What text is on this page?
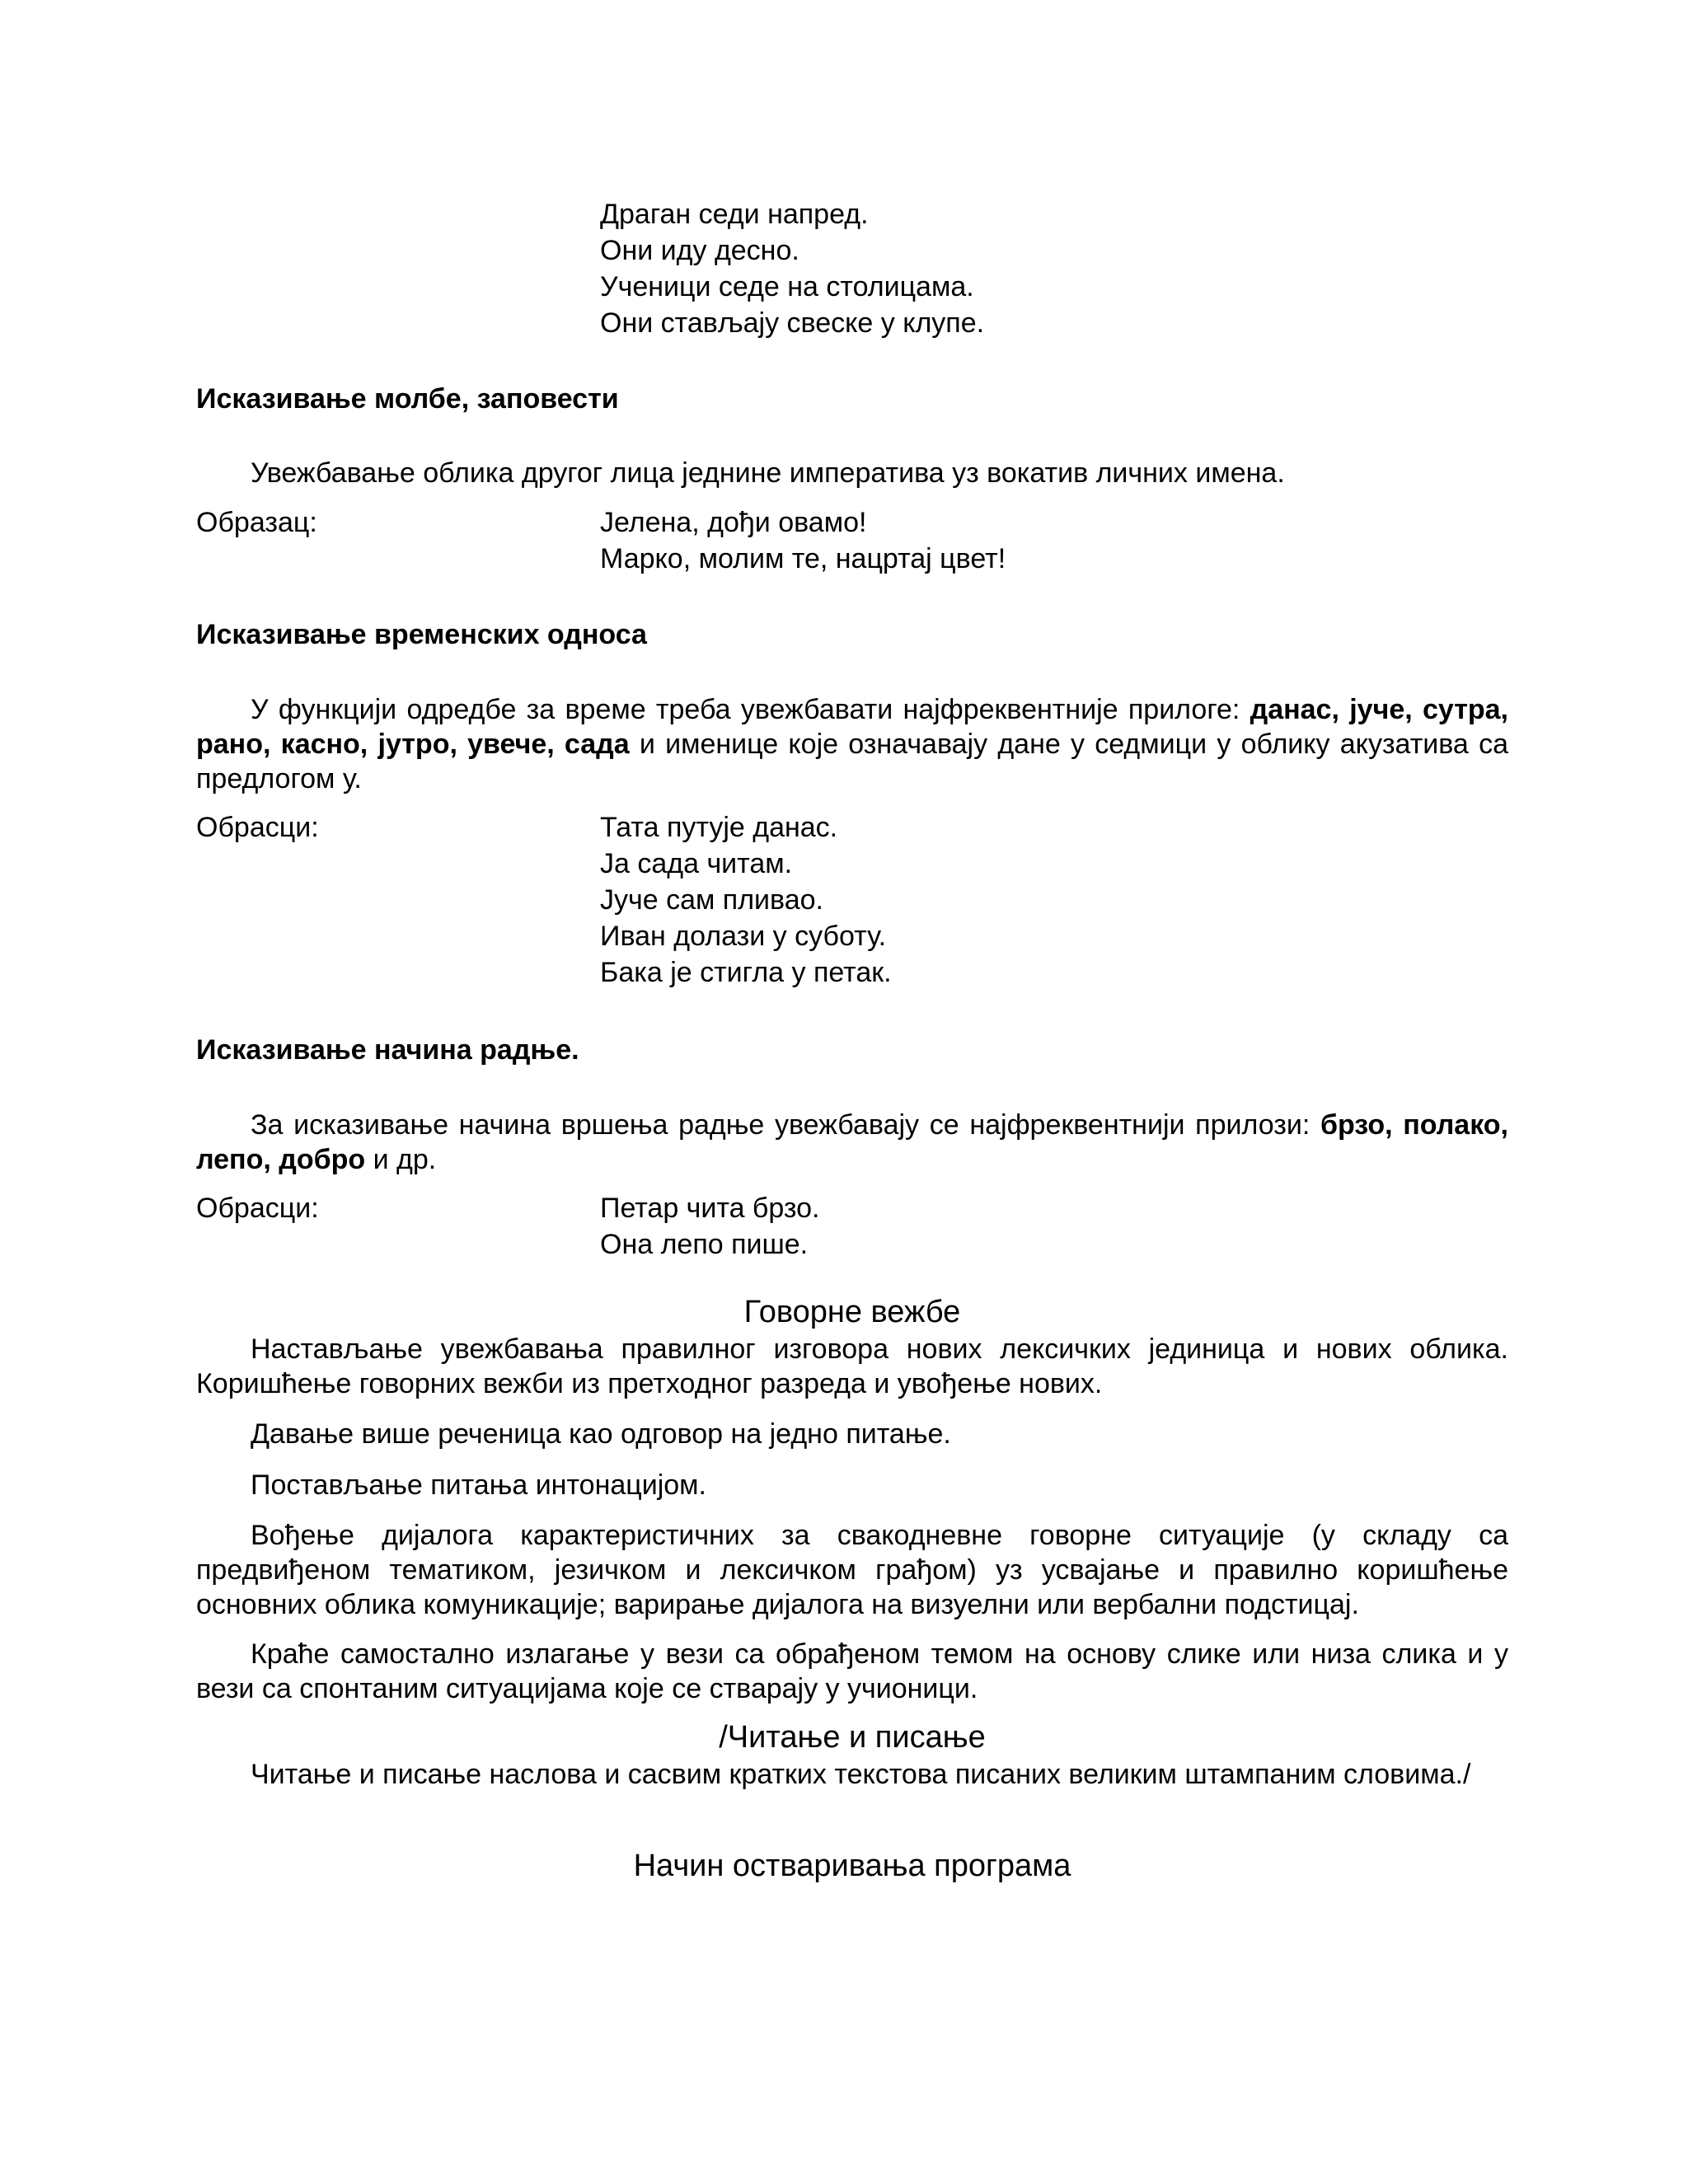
Драган седи напред.
Они иду десно.
Ученици седе на столицама.
Они стављају свеске у клупе.

Исказивање молбе, заповести

Увежбавање облика другог лица једнине императива уз вокатив личних имена.

Образац:	Јелена, дођи овамо!
Марко, молим те, нацртај цвет!

Исказивање временских односа

У функцији одредбе за време треба увежбавати најфреквентније прилоге: данас, јуче, сутра, рано, касно, јутро, увече, сада и именице које означавају дане у седмици у облику акузатива са предлогом у.

Обрасци:	Тата путује данас.
Ја сада читам.
Јуче сам пливао.
Иван долази у суботу.
Бака је стигла у петак.

Исказивање начина радње.

За исказивање начина вршења радње увежбавају се најфреквентнији прилози: брзо, полако, лепо, добро и др.

Обрасци:	Петар чита брзо.
Она лепо пише.

Говорне вежбе

Настављање увежбавања правилног изговора нових лексичких јединица и нових облика. Коришћење говорних вежби из претходног разреда и увођење нових.

Давање више реченица као одговор на једно питање.

Постављање питања интонацијом.

Вођење дијалога карактеристичних за свакодневне говорне ситуације (у складу са предвиђеном тематиком, језичком и лексичком грађом) уз усвајање и правилно коришћење основних облика комуникације; варирање дијалога на визуелни или вербални подстицај.

Краће самостално излагање у вези са обрађеном темом на основу слике или низа слика и у вези са спонтаним ситуацијама које се стварају у учионици.

/Читање и писање

Читање и писање наслова и сасвим кратких текстова писаних великим штампаним словима./

Начин остваривања програма
